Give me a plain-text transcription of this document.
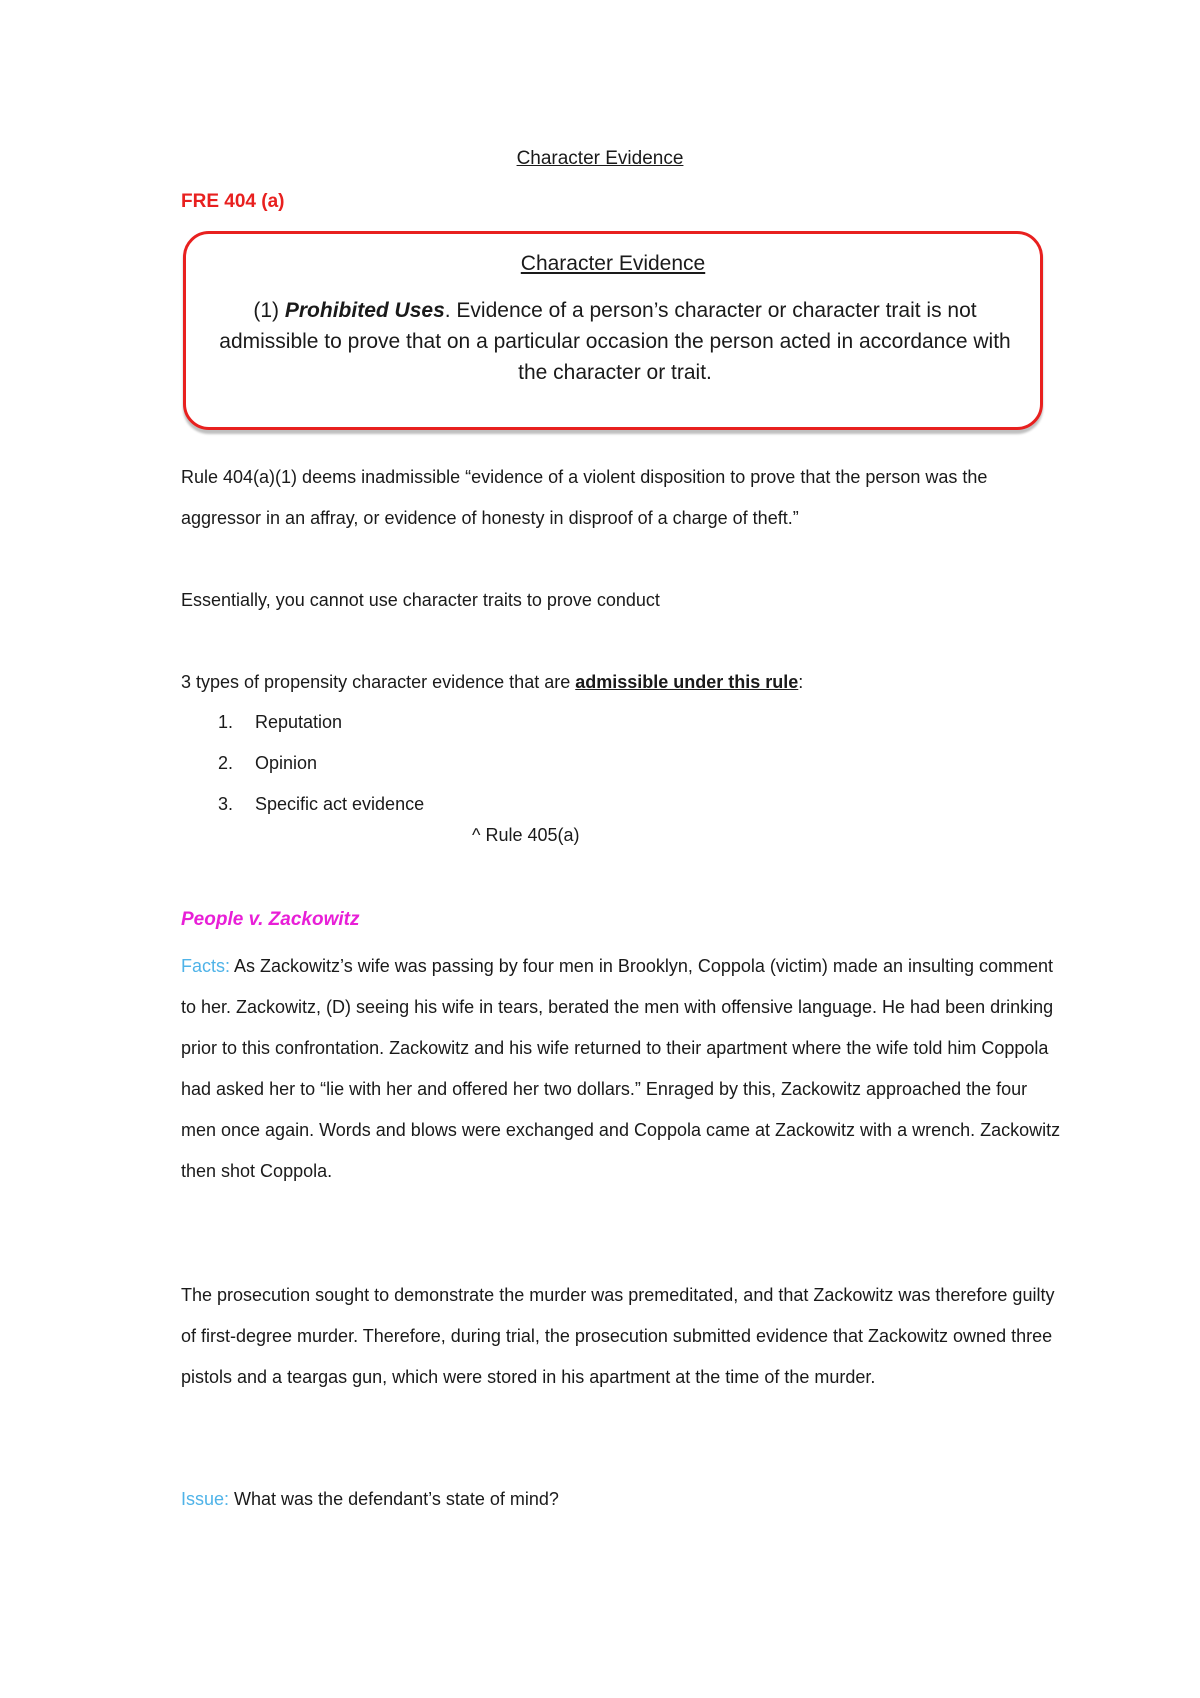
Character Evidence
FRE 404 (a)
Character Evidence
(1) Prohibited Uses. Evidence of a person’s character or character trait is not admissible to prove that on a particular occasion the person acted in accordance with the character or trait.
Rule 404(a)(1) deems inadmissible “evidence of a violent disposition to prove that the person was the aggressor in an affray, or evidence of honesty in disproof of a charge of theft.”
Essentially, you cannot use character traits to prove conduct
3 types of propensity character evidence that are admissible under this rule:
1. Reputation
2. Opinion
3. Specific act evidence
^ Rule 405(a)
People v. Zackowitz
Facts: As Zackowitz’s wife was passing by four men in Brooklyn, Coppola (victim) made an insulting comment to her. Zackowitz, (D) seeing his wife in tears, berated the men with offensive language. He had been drinking prior to this confrontation. Zackowitz and his wife returned to their apartment where the wife told him Coppola had asked her to “lie with her and offered her two dollars.” Enraged by this, Zackowitz approached the four men once again. Words and blows were exchanged and Coppola came at Zackowitz with a wrench. Zackowitz then shot Coppola.
The prosecution sought to demonstrate the murder was premeditated, and that Zackowitz was therefore guilty of first-degree murder. Therefore, during trial, the prosecution submitted evidence that Zackowitz owned three pistols and a teargas gun, which were stored in his apartment at the time of the murder.
Issue: What was the defendant’s state of mind?
